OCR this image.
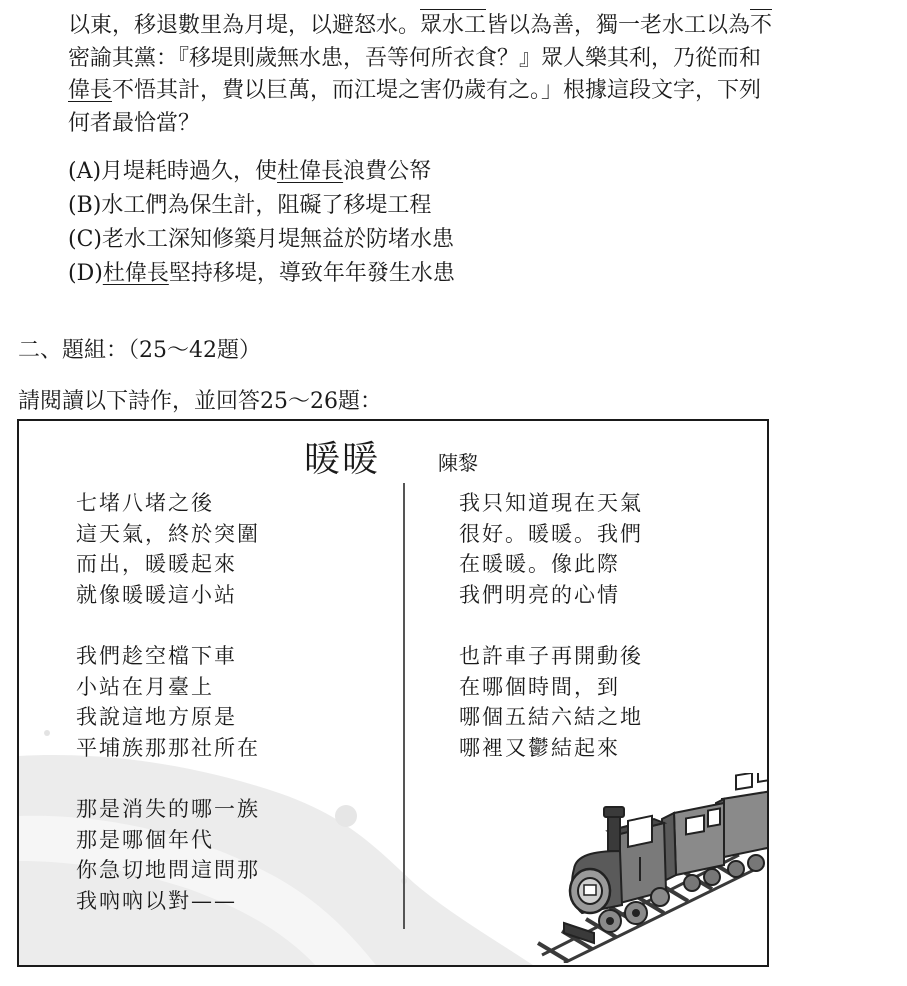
以東，移退數里為月堤，以避怒水。眾水工皆以為善，獨一老水工以為不
密諭其黨：『移堤則歲無水患，吾等何所衣食？』眾人樂其利，乃從而和
偉長不悟其計，費以巨萬，而江堤之害仍歲有之。」根據這段文字，下列
何者最恰當？
(A)月堤耗時過久，使杜偉長浪費公帑
(B)水工們為保生計，阻礙了移堤工程
(C)老水工深知修築月堤無益於防堵水患
(D)杜偉長堅持移堤，導致年年發生水患
二、題組：（25～42題）
請閱讀以下詩作，並回答25～26題：
暖暖	陳黎
七堵八堵之後
這天氣，終於突圍
而出，暖暖起來
就像暖暖這小站
我們趁空檔下車
小站在月臺上
我說這地方原是
平埔族那那社所在
那是消失的哪一族
那是哪個年代
你急切地問這問那
我吶吶以對——
我只知道現在天氣
很好。暖暖。我們
在暖暖。像此際
我們明亮的心情
也許車子再開動後
在哪個時間，到
哪個五結六結之地
哪裡又鬱結起來
